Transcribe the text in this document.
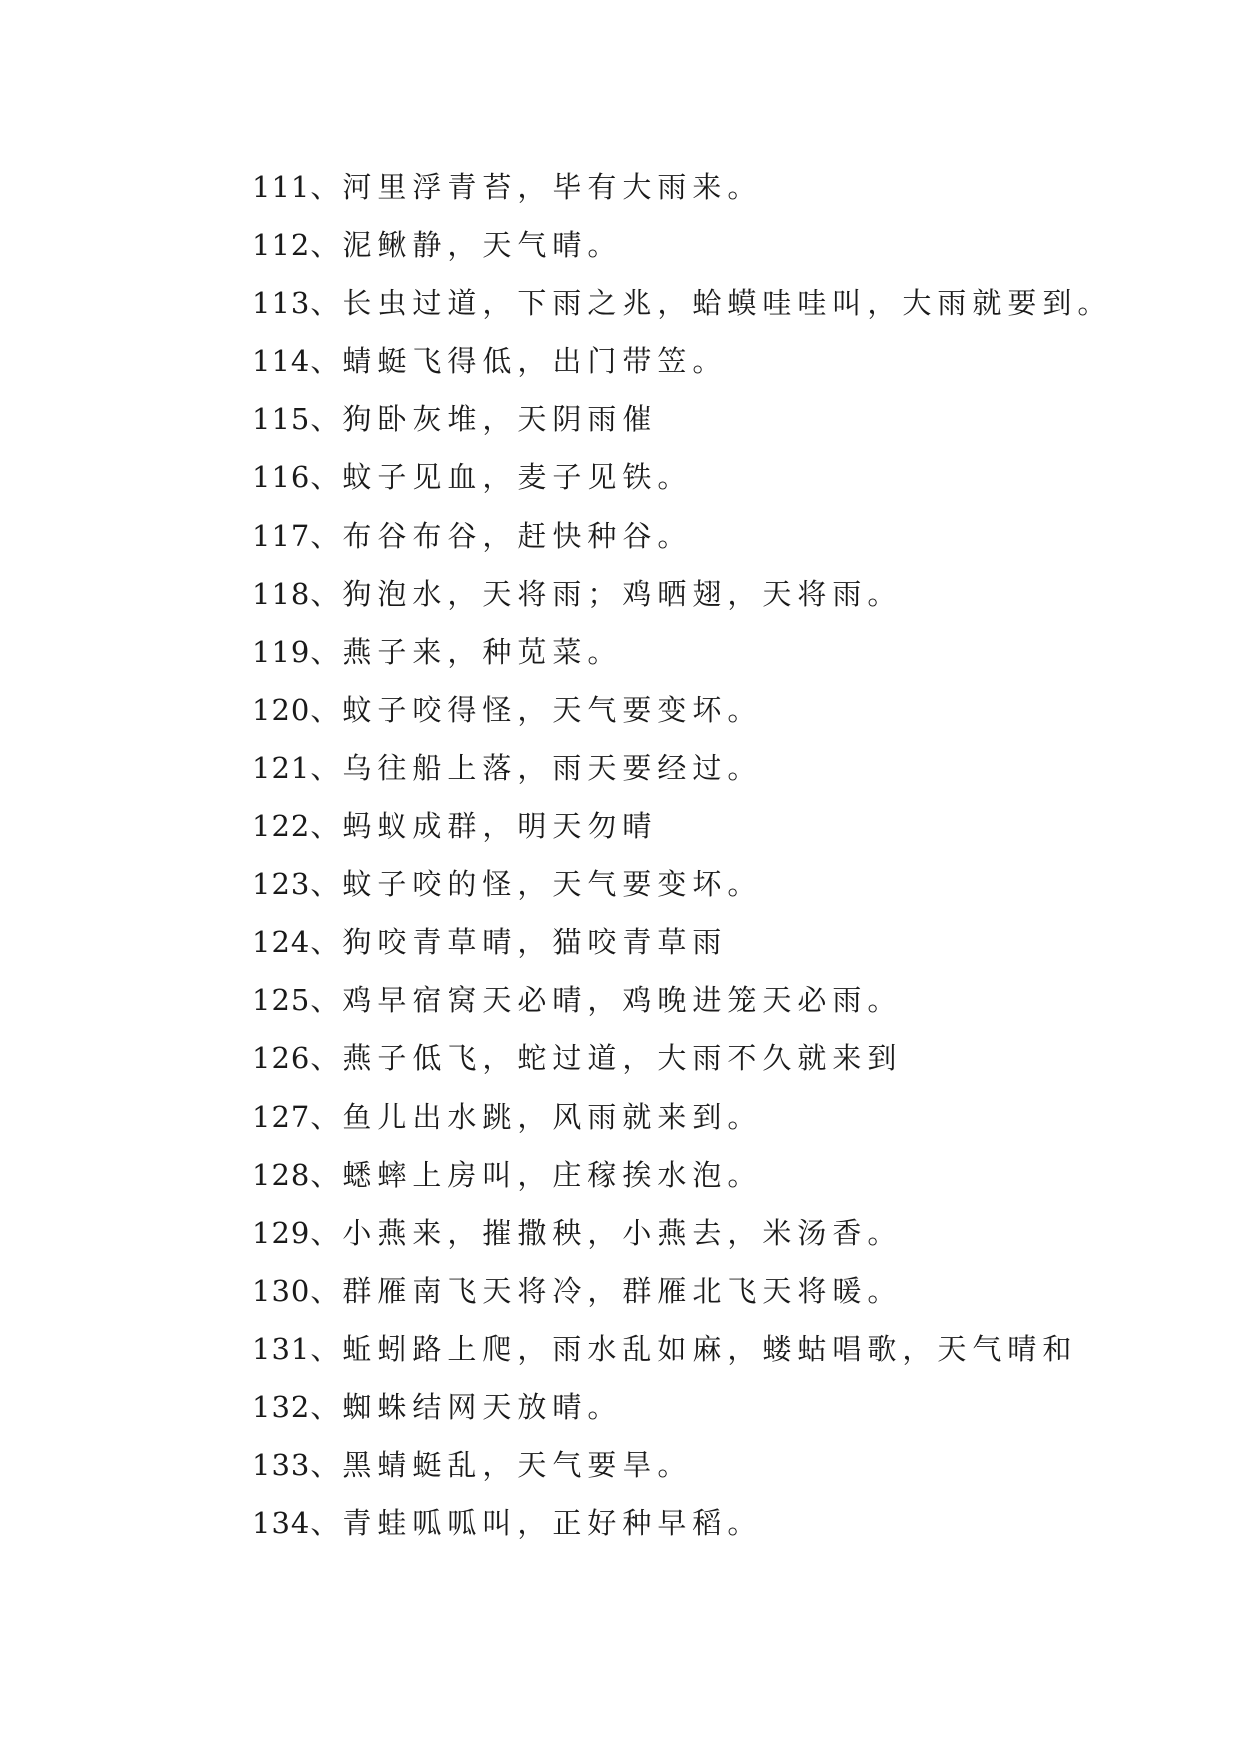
111、河里浮青苔，毕有大雨来。
112、泥鳅静，天气晴。
113、长虫过道，下雨之兆，蛤蟆哇哇叫，大雨就要到。
114、蜻蜓飞得低，出门带笠。
115、狗卧灰堆，天阴雨催
116、蚊子见血，麦子见铁。
117、布谷布谷，赶快种谷。
118、狗泡水，天将雨；鸡晒翅，天将雨。
119、燕子来，种苋菜。
120、蚊子咬得怪，天气要变坏。
121、乌往船上落，雨天要经过。
122、蚂蚁成群，明天勿晴
123、蚊子咬的怪，天气要变坏。
124、狗咬青草晴，猫咬青草雨
125、鸡早宿窝天必晴，鸡晚进笼天必雨。
126、燕子低飞，蛇过道，大雨不久就来到
127、鱼儿出水跳，风雨就来到。
128、蟋蟀上房叫，庄稼挨水泡。
129、小燕来，摧撒秧，小燕去，米汤香。
130、群雁南飞天将冷，群雁北飞天将暖。
131、蚯蚓路上爬，雨水乱如麻，蝼蛄唱歌，天气晴和
132、蜘蛛结网天放晴。
133、黑蜻蜓乱，天气要旱。
134、青蛙呱呱叫，正好种早稻。
